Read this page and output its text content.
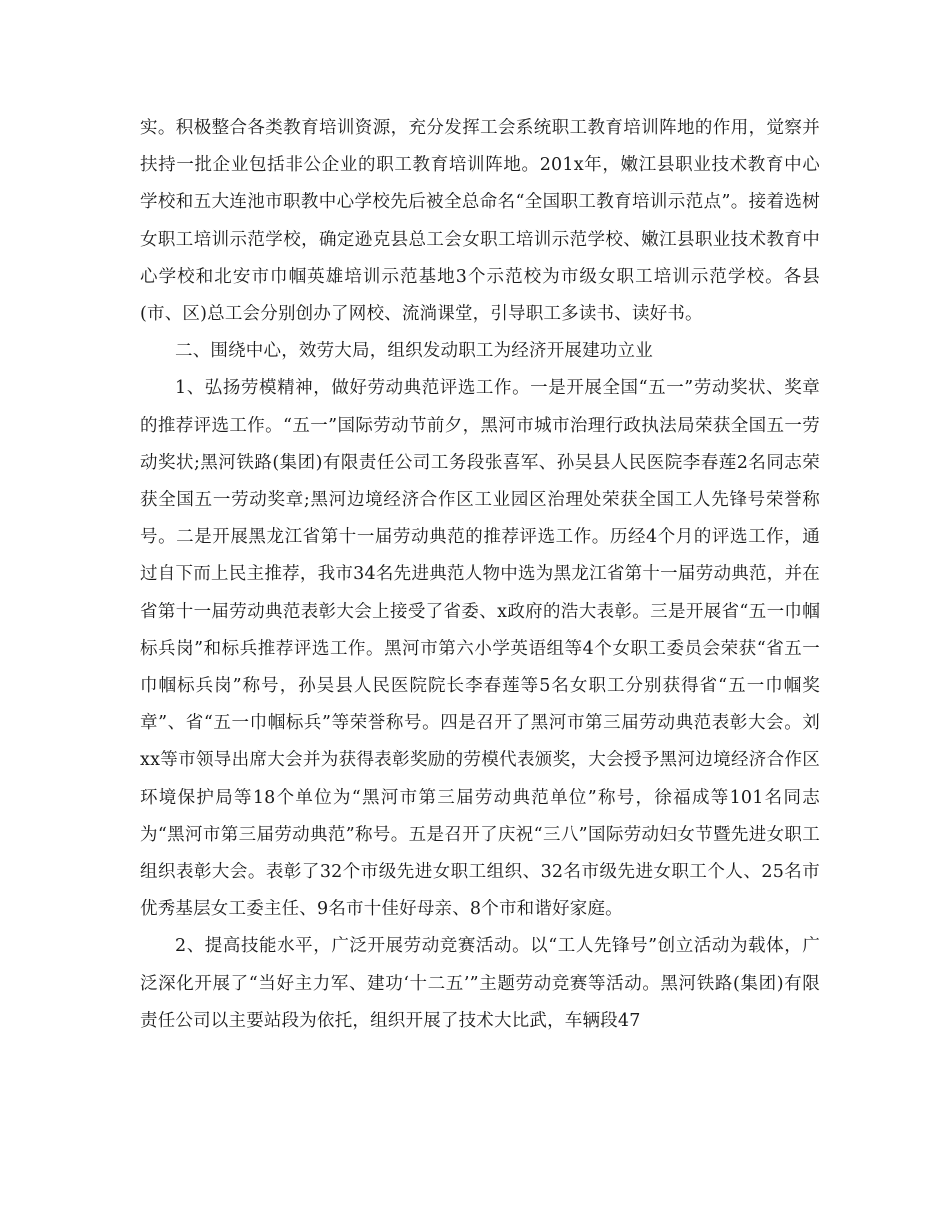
实。积极整合各类教育培训资源，充分发挥工会系统职工教育培训阵地的作用，觉察并扶持一批企业包括非公企业的职工教育培训阵地。201x年，嫩江县职业技术教育中心学校和五大连池市职教中心学校先后被全总命名“全国职工教育培训示范点”。接着选树女职工培训示范学校，确定逊克县总工会女职工培训示范学校、嫩江县职业技术教育中心学校和北安市巾帼英雄培训示范基地3个示范校为市级女职工培训示范学校。各县(市、区)总工会分别创办了网校、流淌课堂，引导职工多读书、读好书。

二、围绕中心，效劳大局，组织发动职工为经济开展建功立业

1、弘扬劳模精神，做好劳动典范评选工作。一是开展全国“五一”劳动奖状、奖章的推荐评选工作。“五一”国际劳动节前夕，黑河市城市治理行政执法局荣获全国五一劳动奖状;黑河铁路(集团)有限责任公司工务段张喜军、孙吴县人民医院李春莲2名同志荣获全国五一劳动奖章;黑河边境经济合作区工业园区治理处荣获全国工人先锋号荣誉称号。二是开展黑龙江省第十一届劳动典范的推荐评选工作。历经4个月的评选工作，通过自下而上民主推荐，我市34名先进典范人物中选为黑龙江省第十一届劳动典范，并在省第十一届劳动典范表彰大会上接受了省委、x政府的浩大表彰。三是开展省“五一巾帼标兵岗”和标兵推荐评选工作。黑河市第六小学英语组等4个女职工委员会荣获“省五一巾帼标兵岗”称号，孙吴县人民医院院长李春莲等5名女职工分别获得省“五一巾帼奖章”、省“五一巾帼标兵”等荣誉称号。四是召开了黑河市第三届劳动典范表彰大会。刘xx等市领导出席大会并为获得表彰奖励的劳模代表颁奖，大会授予黑河边境经济合作区环境保护局等18个单位为“黑河市第三届劳动典范单位”称号，徐福成等101名同志为“黑河市第三届劳动典范”称号。五是召开了庆祝“三八”国际劳动妇女节暨先进女职工组织表彰大会。表彰了32个市级先进女职工组织、32名市级先进女职工个人、25名市优秀基层女工委主任、9名市十佳好母亲、8个市和谐好家庭。

2、提高技能水平，广泛开展劳动竞赛活动。以“工人先锋号”创立活动为载体，广泛深化开展了“当好主力军、建功‘十二五’”主题劳动竞赛等活动。黑河铁路(集团)有限责任公司以主要站段为依托，组织开展了技术大比武，车辆段47
